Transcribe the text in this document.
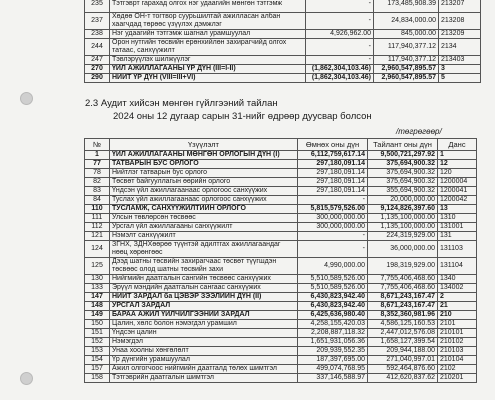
235	Тэтгэврт гарахад олгох нэг удаагийн мөнгөн тэтгэмж	-	173,485,908.39	213207
237	Хөдөө ОН-т тогтвор суурьшилтай ажилласан албан хаагчдад төрөөс үзүүлэх дэмжлэг	-	24,834,000.00	213208
238	Нэг удаагийн тэтгэмж шагнал урамшуулал	4,926,962.00	845,000.00	213209
244	Орон нутгийн төсвийн ерөнхийлөн захирагчийд олгох татаас, санхүүжилт	-	117,940,377.12	2134
247	Тэвлэрүүлэх шилжүүлэг	-	117,940,377.12	213403
270	ҮЙЛ АЖИЛЛАГААНЫ ҮР ДҮН (III=I-II)	(1,862,304,103.46)	2,960,547,895.57	3
290	НИЙТ ҮР ДҮН (VIII=III+VI)	(1,862,304,103.46)	2,960,547,895.57	5
2.3 Аудит хийсэн мөнгөн гүйлгээний тайлан
2024 оны 12 дугаар сарын 31-нийг өдрөөр дуусвар болсон
/төгрөгөөр/
№	Үзүүлэлт	Өмнөх оны дүн	Тайлант оны дүн	Данс
1	ҮЙЛ АЖИЛЛАГААНЫ МӨНГӨН ОРЛОГЫН ДҮН (I)	6,112,759,617.14	9,500,721,297.92	1
77	ТАТВАРЫН БУС ОРЛОГО	297,180,091.14	375,694,900.32	12
78	Нийтлэг татварын бус орлого	297,180,091.14	375,694,900.32	120
82	Төсвөт байгууллагын өөрийн орлого	297,180,091.14	375,694,900.32	1200004
83	Үндсэн үйл ажиллагаанаас орлогоос санхүүжих	297,180,091.14	355,694,900.32	1200041
84	Туслах үйл ажиллагаанаас орлогоос санхүүжих	-	20,000,000.00	1200042
110	ТУСЛАМЖ, САНХҮҮЖИЛТИЙН ОРЛОГО	5,815,579,526.00	9,124,826,397.60	13
111	Улсын төвлөрсөн төсвөөс	300,000,000.00	1,135,100,000.00	1310
112	Урсгал үйл ажиллагааны санхүүжилт	300,000,000.00	1,135,100,000.00	131001
121	Нэмэлт санхүүжилт	-	224,319,929.00	131
124	ЗГНХ, ЗДНХөөрөө түүнтэй адилтгах ажиллагаандаг нөөц хөрөнгөөс	-	36,000,000.00	131103
125	Дээд шатны төсвийн захирагчаас төсвөт түүгшдэн төсвөөс олод шатны төсвийн захи	4,990,000.00	198,319,929.00	131104
130	Нийгмийн даатгалын сангийн төсвөөс санхүүжих	5,510,589,526.00	7,755,406,468.60	1340
133	Эрүүл мэндийн даатгалын сангаас санхүүжих	5,510,589,526.00	7,755,406,468.60	134002
147	НИЙТ ЗАРДАЛ ба ЦЭВЭР ЗЭЭЛИЙН ДҮН (II)	6,430,823,942.40	8,671,243,167.47	2
148	УРСГАЛ ЗАРДАЛ	6,430,823,942.40	8,671,243,167.47	21
149	БАРАА АЖИЛ ҮЙЛЧИЛГЭЭНИЙ ЗАРДАЛ	6,425,636,980.40	8,352,360,981.96	210
150	Цалин, хөлс болон нэмэгдэл урамшил	4,258,155,420.03	4,586,125,160.53	2101
151	Үндсэн цалин	2,208,887,118.32	2,447,012,576.08	210101
152	Нэмэгдэл	1,651,931,056.36	1,658,127,399.54	210102
153	Унаа хоолны хөнгөлөлт	209,939,552.35	209,944,188.00	210103
154	Үр дүнгийн урамшуулал	187,397,695.00	271,040,997.01	210104
157	Ажил олгогчоос нийгмийн даатгалд төлөх шимтгэл	499,074,768.95	592,464,876.60	2102
158	Тэтгэврийн даатгалын шимтгэл	337,146,588.97	412,620,837.62	210201
